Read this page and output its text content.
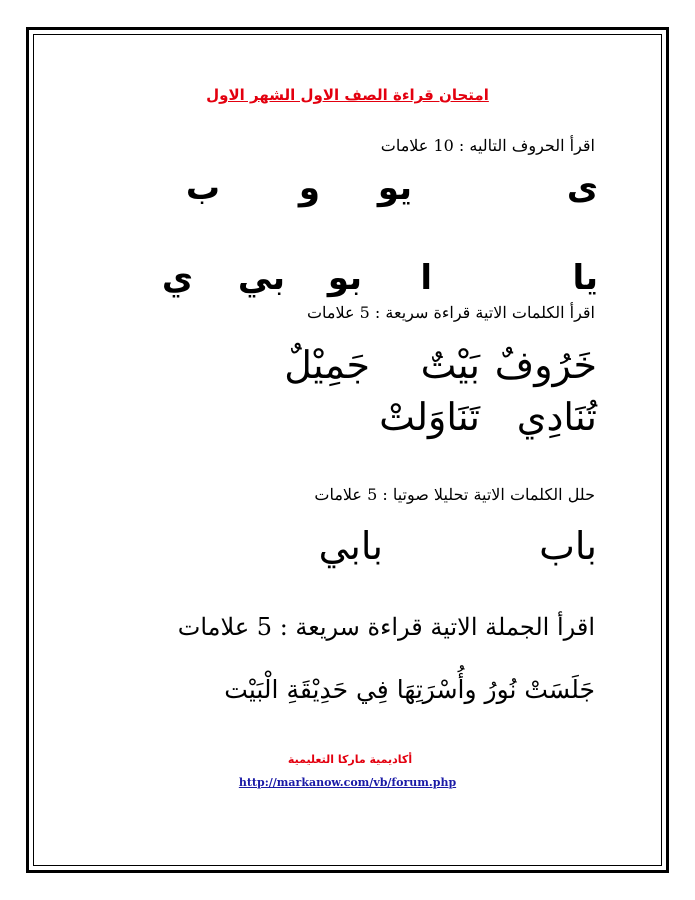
امتحان قراءة الصف الاول الشهر الاول
اقرأ الحروف التاليه : 10 علامات
ى
يو
و
ب
يا
ا
بو
بي
ي
اقرأ الكلمات الاتية قراءة سريعة : 5 علامات
خَرُوفٌ
بَيْتٌ
جَمِيْلٌ
تُنَادِي
تَنَاوَلتْ
حلل الكلمات الاتية تحليلا صوتيا : 5 علامات
باب
بابي
اقرأ الجملة الاتية قراءة سريعة : 5 علامات
جَلَسَتْ نُورُ وأُسْرَتِهَا فِي حَدِيْقَةِ الْبَيْت
أكاديمية ماركا التعليمية
http://markanow.com/vb/forum.php
